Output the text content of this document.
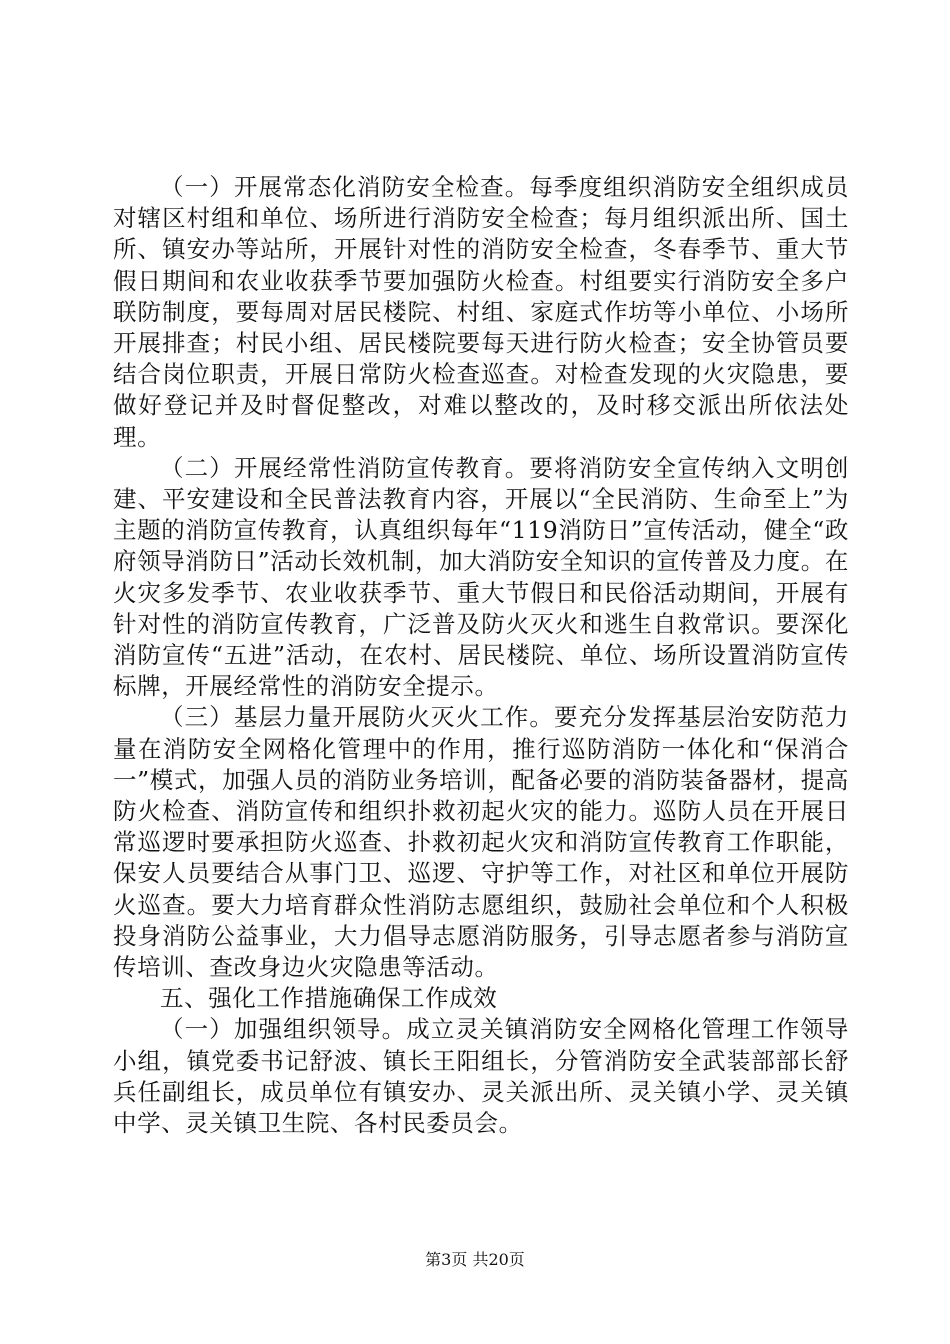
（一）开展常态化消防安全检查。每季度组织消防安全组织成员对辖区村组和单位、场所进行消防安全检查；每月组织派出所、国土所、镇安办等站所，开展针对性的消防安全检查，冬春季节、重大节假日期间和农业收获季节要加强防火检查。村组要实行消防安全多户联防制度，要每周对居民楼院、村组、家庭式作坊等小单位、小场所开展排查；村民小组、居民楼院要每天进行防火检查；安全协管员要结合岗位职责，开展日常防火检查巡查。对检查发现的火灾隐患，要做好登记并及时督促整改，对难以整改的，及时移交派出所依法处理。

（二）开展经常性消防宣传教育。要将消防安全宣传纳入文明创建、平安建设和全民普法教育内容，开展以“全民消防、生命至上”为主题的消防宣传教育，认真组织每年“119消防日”宣传活动，健全“政府领导消防日”活动长效机制，加大消防安全知识的宣传普及力度。在火灾多发季节、农业收获季节、重大节假日和民俗活动期间，开展有针对性的消防宣传教育，广泛普及防火灭火和逃生自救常识。要深化消防宣传“五进”活动，在农村、居民楼院、单位、场所设置消防宣传标牌，开展经常性的消防安全提示。

（三）基层力量开展防火灭火工作。要充分发挥基层治安防范力量在消防安全网格化管理中的作用，推行巡防消防一体化和“保消合一”模式，加强人员的消防业务培训，配备必要的消防装备器材，提高防火检查、消防宣传和组织扑救初起火灾的能力。巡防人员在开展日常巡逻时要承担防火巡查、扑救初起火灾和消防宣传教育工作职能，保安人员要结合从事门卫、巡逻、守护等工作，对社区和单位开展防火巡查。要大力培育群众性消防志愿组织，鼓励社会单位和个人积极投身消防公益事业，大力倡导志愿消防服务，引导志愿者参与消防宣传培训、查改身边火灾隐患等活动。

五、强化工作措施确保工作成效

（一）加强组织领导。成立灵关镇消防安全网格化管理工作领导小组，镇党委书记舒波、镇长王阳组长，分管消防安全武装部部长舒兵任副组长，成员单位有镇安办、灵关派出所、灵关镇小学、灵关镇中学、灵关镇卫生院、各村民委员会。

第3页 共20页
